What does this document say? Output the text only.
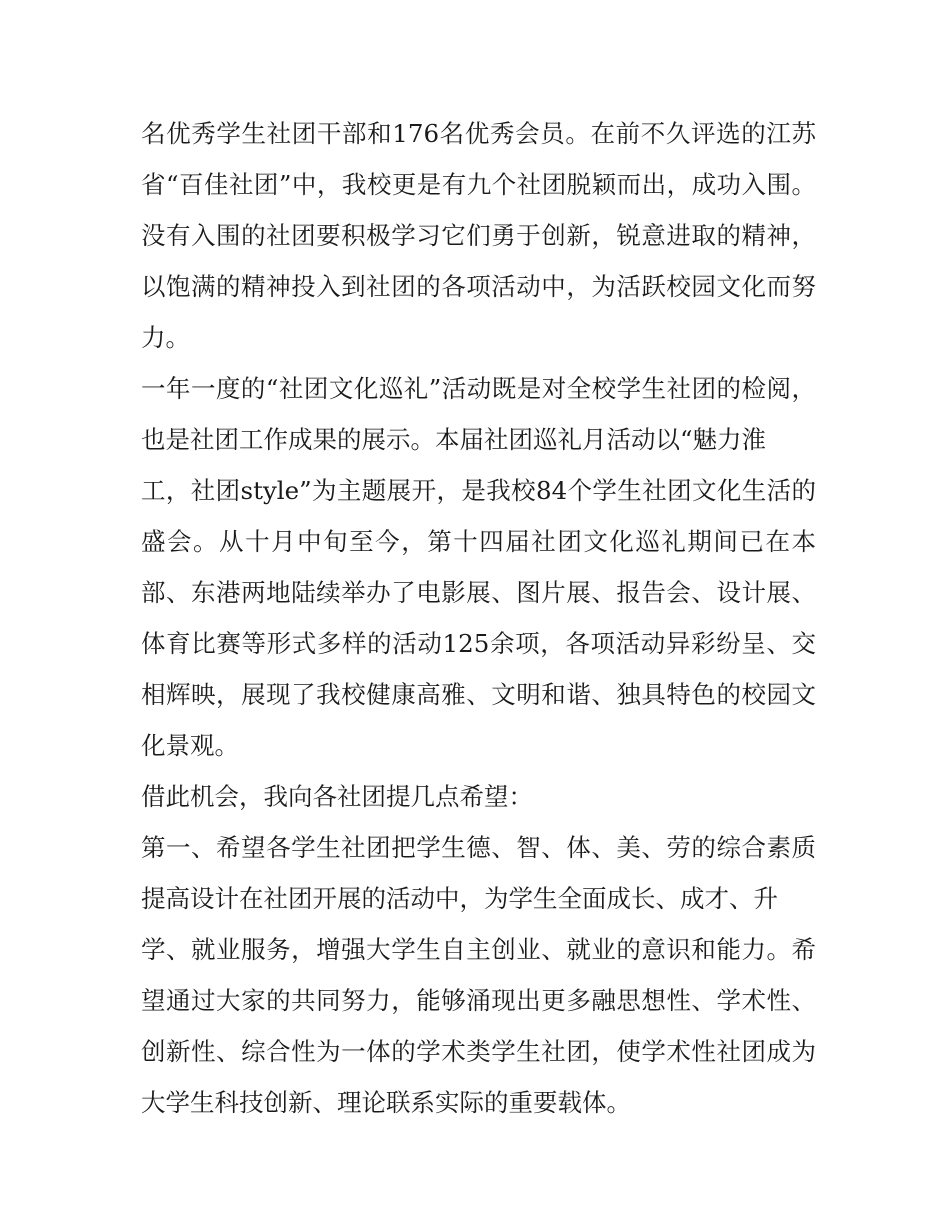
名优秀学生社团干部和176名优秀会员。在前不久评选的江苏
省“百佳社团”中，我校更是有九个社团脱颖而出，成功入围。
没有入围的社团要积极学习它们勇于创新，锐意进取的精神，
以饱满的精神投入到社团的各项活动中，为活跃校园文化而努
力。
一年一度的“社团文化巡礼”活动既是对全校学生社团的检阅，
也是社团工作成果的展示。本届社团巡礼月活动以“魅力淮
工，社团style”为主题展开，是我校84个学生社团文化生活的
盛会。从十月中旬至今，第十四届社团文化巡礼期间已在本
部、东港两地陆续举办了电影展、图片展、报告会、设计展、
体育比赛等形式多样的活动125余项，各项活动异彩纷呈、交
相辉映，展现了我校健康高雅、文明和谐、独具特色的校园文
化景观。
借此机会，我向各社团提几点希望：
第一、希望各学生社团把学生德、智、体、美、劳的综合素质
提高设计在社团开展的活动中，为学生全面成长、成才、升
学、就业服务，增强大学生自主创业、就业的意识和能力。希
望通过大家的共同努力，能够涌现出更多融思想性、学术性、
创新性、综合性为一体的学术类学生社团，使学术性社团成为
大学生科技创新、理论联系实际的重要载体。
